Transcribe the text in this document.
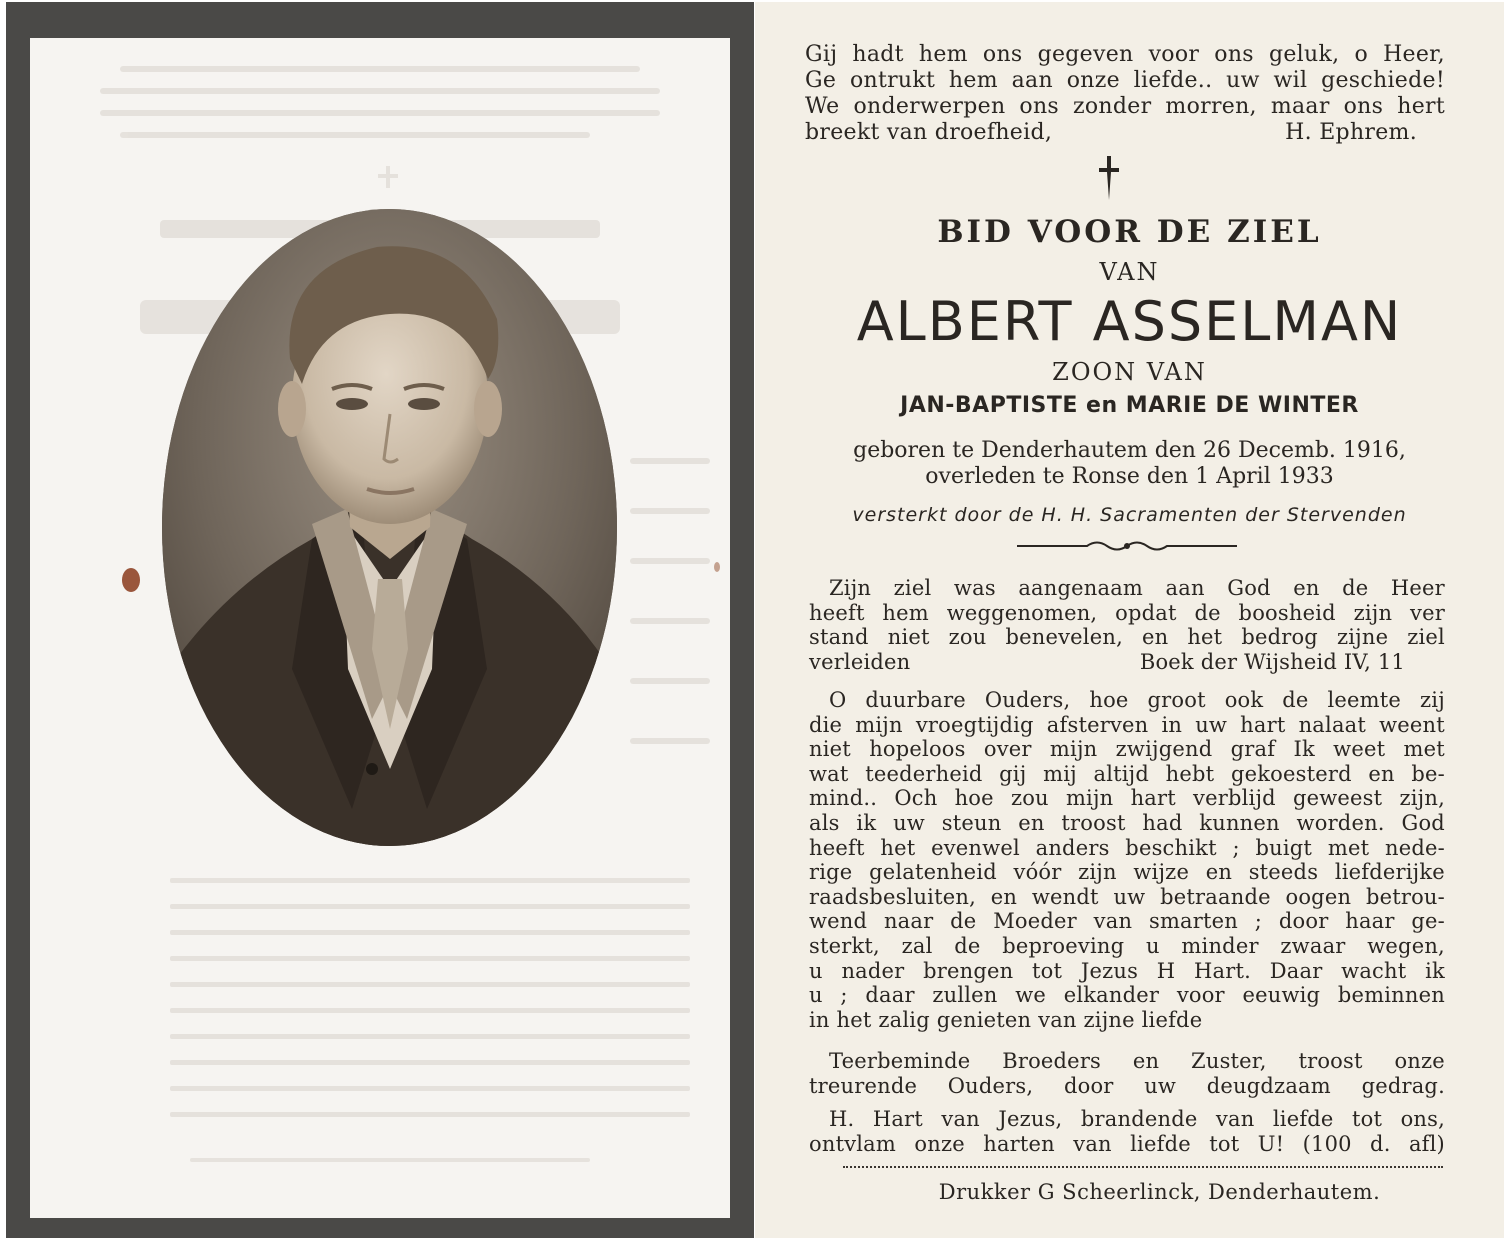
Gij hadt hem ons gegeven voor ons geluk, o Heer,
Ge ontrukt hem aan onze liefde.. uw wil geschiede!
We onderwerpen ons zonder morren, maar ons hert
breekt van droefheid,	H. Ephrem.
BID VOOR DE ZIEL
VAN
ALBERT ASSELMAN
ZOON VAN
JAN-BAPTISTE en MARIE DE WINTER
geboren te Denderhautem den 26 Decemb. 1916,
overleden te Ronse den 1 April 1933
versterkt door de H. H. Sacramenten der Stervenden
Zijn ziel was aangenaam aan God en de Heer
heeft hem weggenomen, opdat de boosheid zijn ver
stand niet zou benevelen, en het bedrog zijne ziel
verleiden	Boek der Wijsheid IV, 11
O duurbare Ouders, hoe groot ook de leemte zij
die mijn vroegtijdig afsterven in uw hart nalaat weent
niet hopeloos over mijn zwijgend graf Ik weet met
wat teederheid gij mij altijd hebt gekoesterd en be-
mind.. Och hoe zou mijn hart verblijd geweest zijn,
als ik uw steun en troost had kunnen worden. God
heeft het evenwel anders beschikt ; buigt met nede-
rige gelatenheid vóór zijn wijze en steeds liefderijke
raadsbesluiten, en wendt uw betraande oogen betrou-
wend naar de Moeder van smarten ; door haar ge-
sterkt, zal de beproeving u minder zwaar wegen,
u nader brengen tot Jezus H Hart. Daar wacht ik
u ; daar zullen we elkander voor eeuwig beminnen
in het zalig genieten van zijne liefde
Teerbeminde Broeders en Zuster, troost onze
treurende Ouders, door uw deugdzaam gedrag.
H. Hart van Jezus, brandende van liefde tot ons,
ontvlam onze harten van liefde tot U! (100 d. afl)
Drukker G Scheerlinck, Denderhautem.
